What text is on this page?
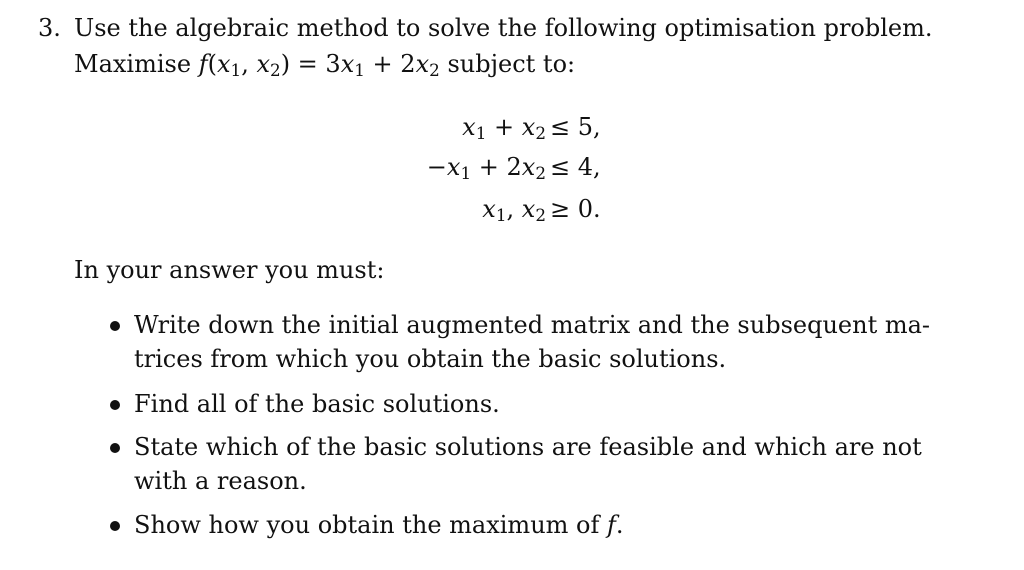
3. Use the algebraic method to solve the following optimisation problem.
Maximise $f(x_1$, $x_2) = 3x_1 + 2x_2$ subject to:
$x_1 + x_2 \le 5$,
$-x_1 + 2x_2 \le 4$,
$x_1$, $x_2 \ge 0$.
In your answer you must:
Write down the initial augmented matrix and the subsequent ma-
trices from which you obtain the basic solutions.
Find all of the basic solutions.
State which of the basic solutions are feasible and which are not
with a reason.
Show how you obtain the maximum of f.
